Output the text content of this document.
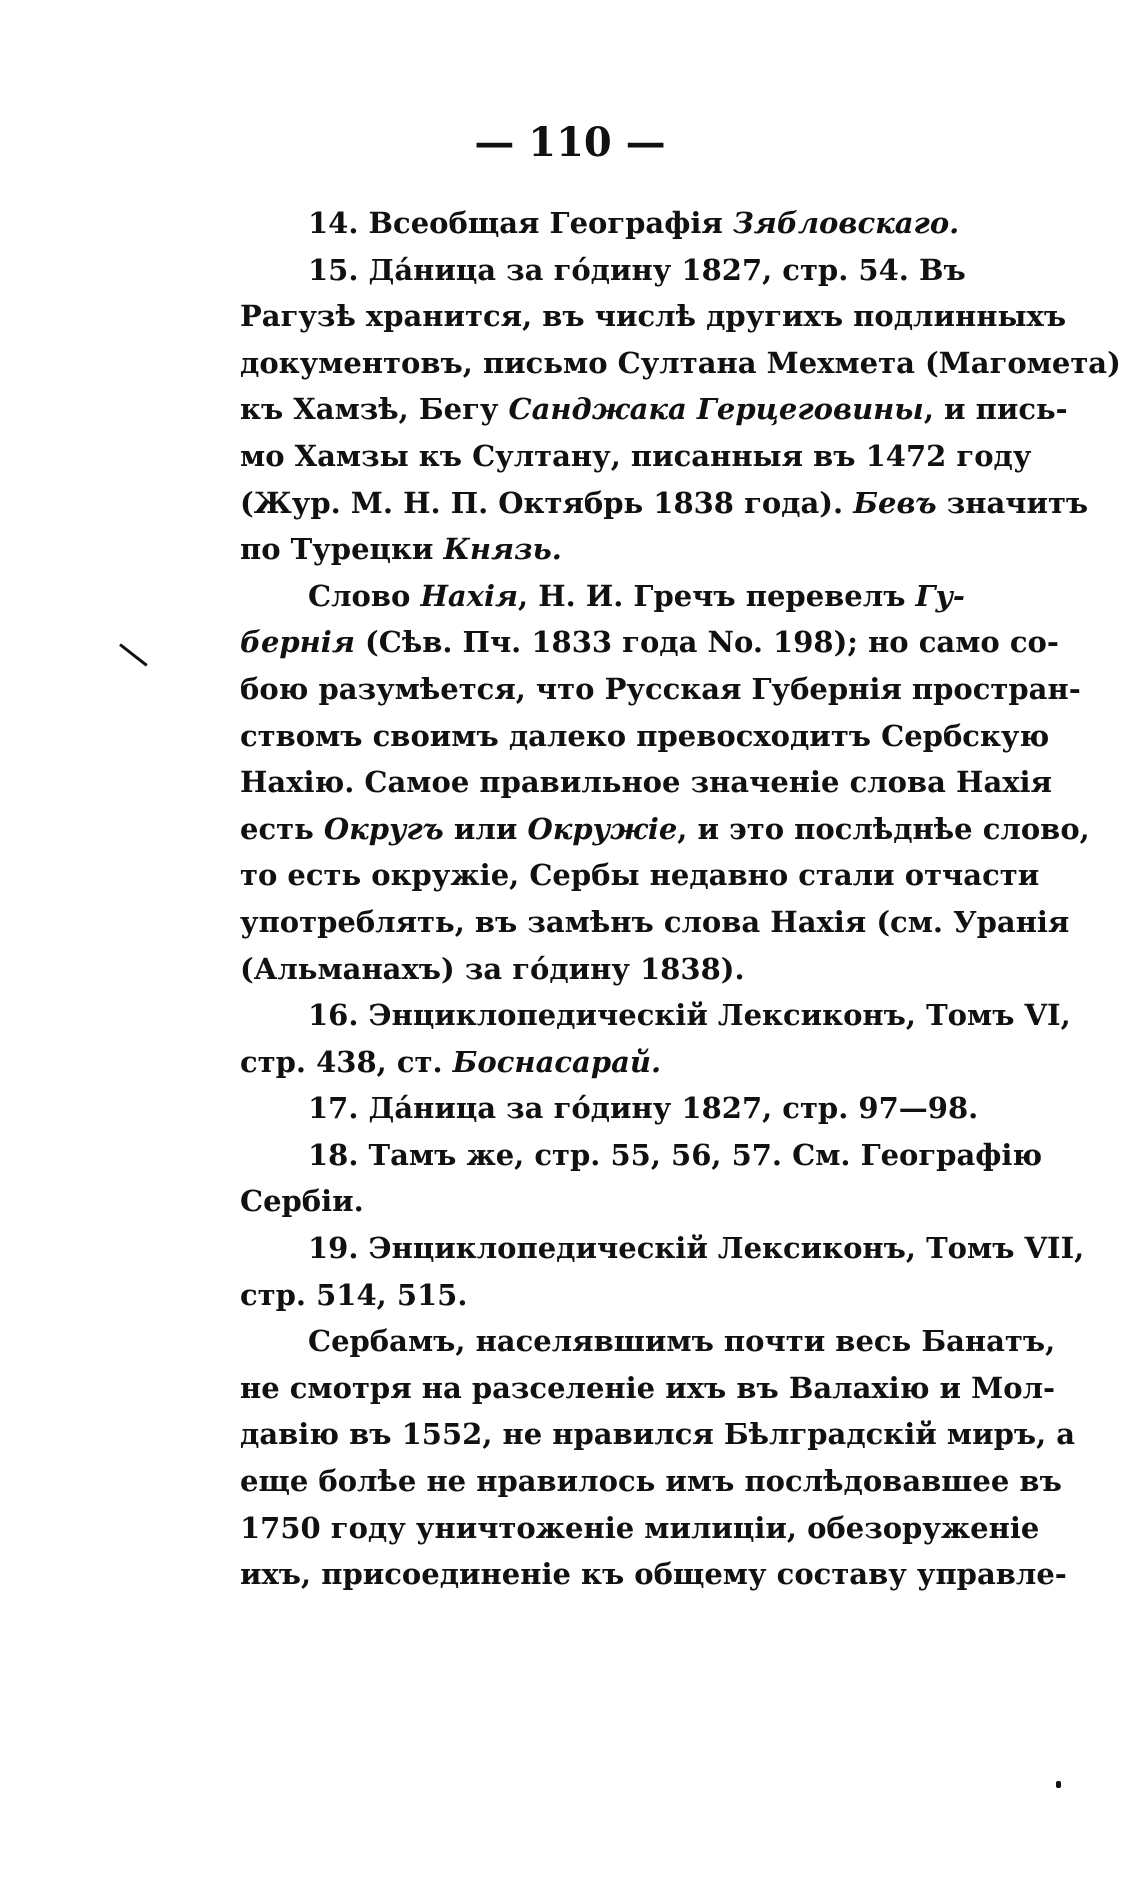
— 110 —
14. Всеобщая Географія Зябловскаго.
15. Дáница за гóдину 1827, стр. 54. Въ
Рагузѣ хранится, въ числѣ другихъ подлинныхъ
документовъ, письмо Султана Мехмета (Магомета)
къ Хамзѣ, Бегу Санджака Герцеговины, и пись-
мо Хамзы къ Султану, писанныя въ 1472 году
(Жур. М. Н. П. Октябрь 1838 года). Бевъ значитъ
по Турецки Князь.
Слово Нахія, Н. И. Гречъ перевелъ Гу-
бернія (Сѣв. Пч. 1833 года No. 198); но само со-
бою разумѣется, что Русская Губернія простран-
ствомъ своимъ далеко превосходитъ Сербскую
Нахію. Самое правильное значеніе слова Нахія
есть Округъ или Окружіе, и это послѣднѣе слово,
то есть окружіе, Сербы недавно стали отчасти
употреблять, въ замѣнъ слова Нахія (см. Уранія
(Альманахъ) за гóдину 1838).
16. Энциклопедическій Лексиконъ, Томъ VI,
стр. 438, ст. Боснасарай.
17. Дáница за гóдину 1827, стр. 97—98.
18. Тамъ же, стр. 55, 56, 57. См. Географію
Сербіи.
19. Энциклопедическій Лексиконъ, Томъ VII,
стр. 514, 515.
Сербамъ, населявшимъ почти весь Банатъ,
не смотря на разселеніе ихъ въ Валахію и Мол-
давію въ 1552, не нравился Бѣлградскій миръ, а
еще болѣе не нравилось имъ послѣдовавшее въ
1750 году уничтоженіе милиціи, обезоруженіе
ихъ, присоединеніе къ общему составу управле-
